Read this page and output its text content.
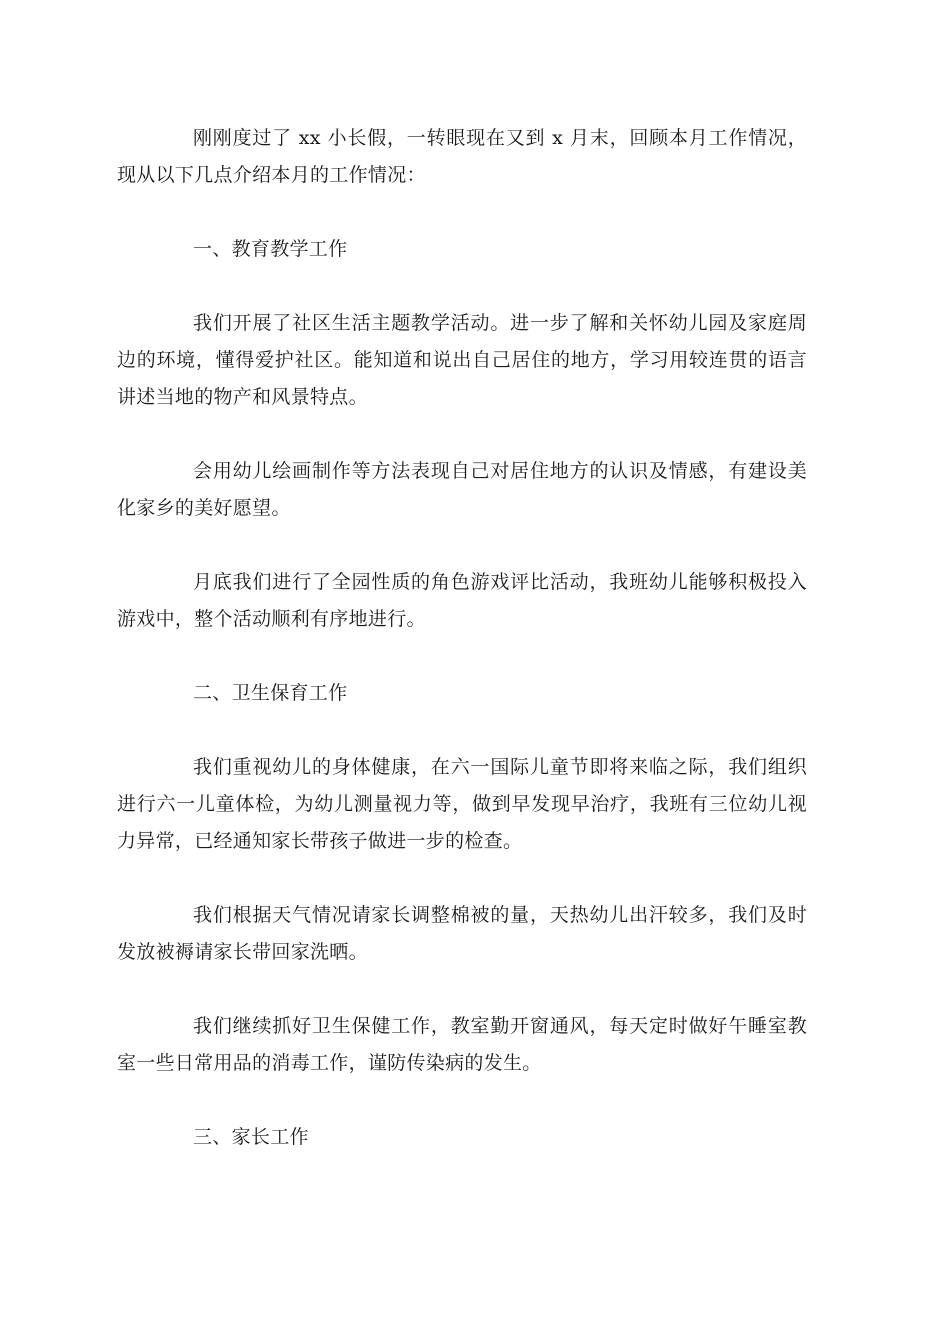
刚刚度过了 xx 小长假，一转眼现在又到 x 月末，回顾本月工作情况，现从以下几点介绍本月的工作情况：

一、教育教学工作

我们开展了社区生活主题教学活动。进一步了解和关怀幼儿园及家庭周边的环境，懂得爱护社区。能知道和说出自己居住的地方，学习用较连贯的语言讲述当地的物产和风景特点。

会用幼儿绘画制作等方法表现自己对居住地方的认识及情感，有建设美化家乡的美好愿望。

月底我们进行了全园性质的角色游戏评比活动，我班幼儿能够积极投入游戏中，整个活动顺利有序地进行。

二、卫生保育工作

我们重视幼儿的身体健康，在六一国际儿童节即将来临之际，我们组织进行六一儿童体检，为幼儿测量视力等，做到早发现早治疗，我班有三位幼儿视力异常，已经通知家长带孩子做进一步的检查。

我们根据天气情况请家长调整棉被的量，天热幼儿出汗较多，我们及时发放被褥请家长带回家洗晒。

我们继续抓好卫生保健工作，教室勤开窗通风，每天定时做好午睡室教室一些日常用品的消毒工作，谨防传染病的发生。

三、家长工作
